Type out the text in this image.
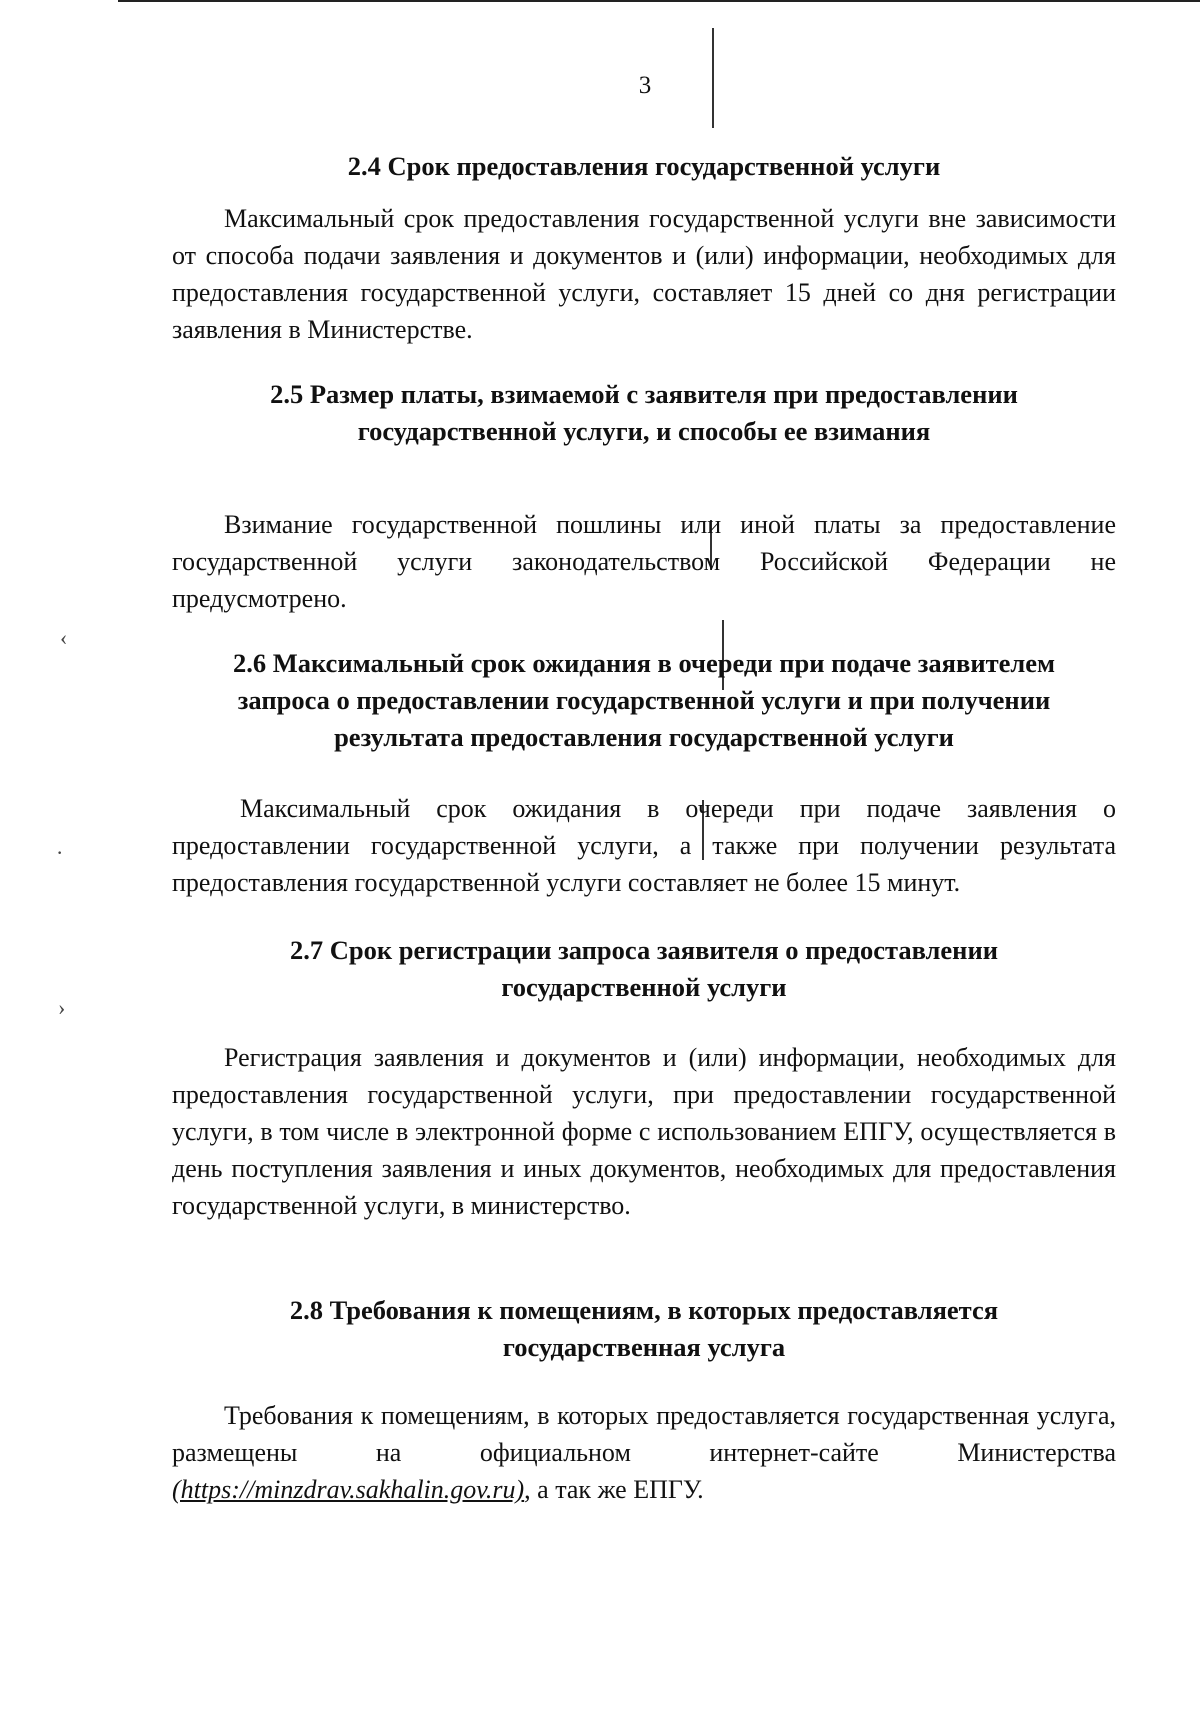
3
‹
·
›
2.4 Срок предоставления государственной услуги

Максимальный срок предоставления государственной услуги вне зависимости от способа подачи заявления и документов и (или) информации, необходимых для предоставления государственной услуги, составляет 15 дней со дня регистрации заявления в Министерстве.

2.5 Размер платы, взимаемой с заявителя при предоставлении
государственной услуги, и способы ее взимания

Взимание государственной пошлины или иной платы за предоставление государственной услуги законодательством Российской Федерации не предусмотрено.

2.6 Максимальный срок ожидания в очереди при подаче заявителем
запроса о предоставлении государственной услуги и при получении
результата предоставления государственной услуги

Максимальный срок ожидания в очереди при подаче заявления о предоставлении государственной услуги, а также при получении результата предоставления государственной услуги составляет не более 15 минут.

2.7 Срок регистрации запроса заявителя о предоставлении
государственной услуги

Регистрация заявления и документов и (или) информации, необходимых для предоставления государственной услуги, при предоставлении государственной услуги, в том числе в электронной форме с использованием ЕПГУ, осуществляется в день поступления заявления и иных документов, необходимых для предоставления государственной услуги, в министерство.

2.8 Требования к помещениям, в которых предоставляется
государственная услуга

Требования к помещениям, в которых предоставляется государственная услуга, размещены на официальном интернет-сайте Министерства (https://minzdrav.sakhalin.gov.ru), а так же ЕПГУ.
